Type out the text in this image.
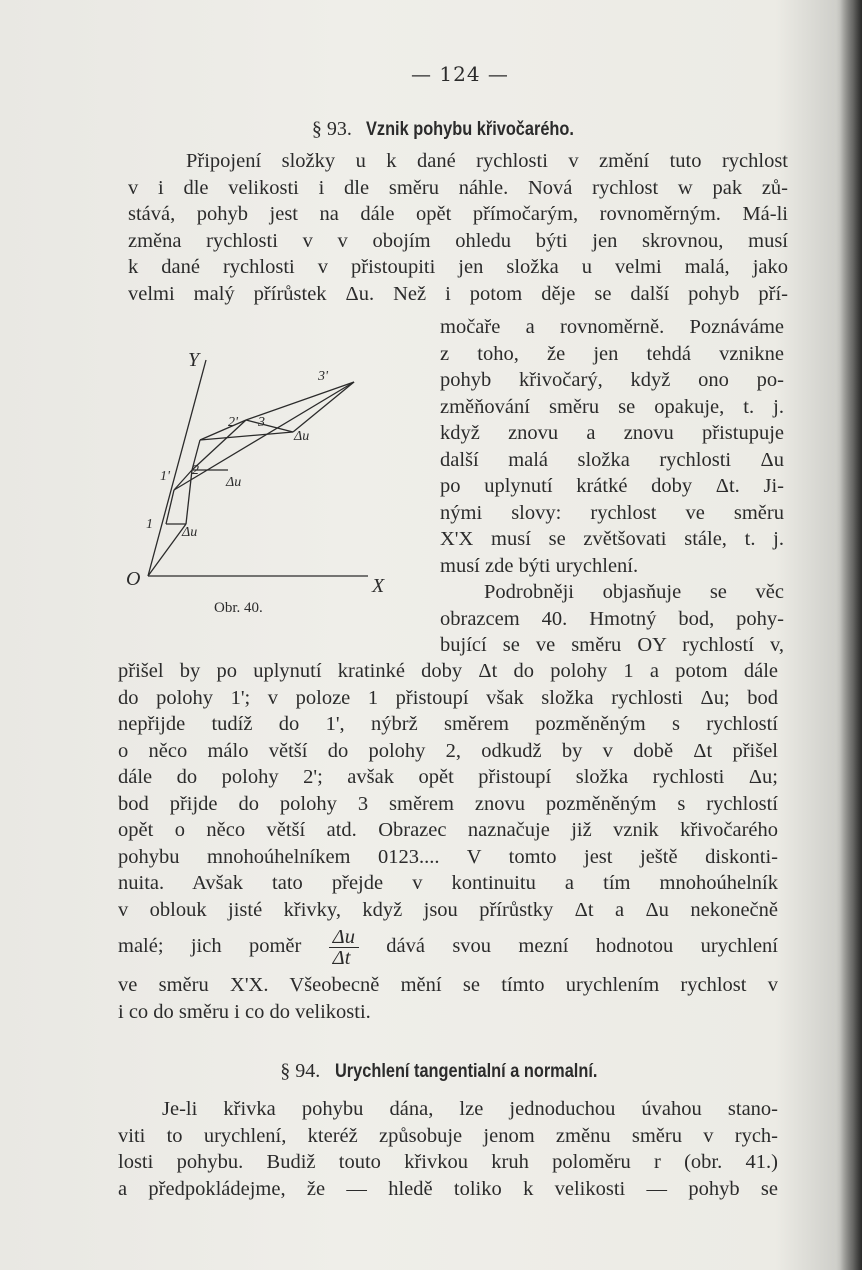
— 124 —
§ 93. Vznik pohybu křivočarého.

Připojení složky u k dané rychlosti v změní tuto rychlost

v i dle velikosti i dle směru náhle. Nová rychlost w pak zů-

stává, pohyb jest na dále opět přímočarým, rovnoměrným. Má-li

změna rychlosti v v obojím ohledu býti jen skrovnou, musí

k dané rychlosti v přistoupiti jen složka u velmi malá, jako

velmi malý přírůstek Δu. Než i potom děje se další pohyb pří-

močaře a rovnoměrně. Poznáváme

z toho, že jen tehdá vznikne

pohyb křivočarý, když ono po-

změňování směru se opakuje, t. j.

když znovu a znovu přistupuje

další malá složka rychlosti Δu

po uplynutí krátké doby Δt. Ji-

nými slovy: rychlost ve směru

X'X musí se zvětšovati stále, t. j.

musí zde býti urychlení.

Podrobněji objasňuje se věc

obrazcem 40. Hmotný bod, pohy-

bující se ve směru OY rychlostí v,

Y
O	X
1
1' 2
2' 3
3'
Δu
Δu
Δu
Obr. 40.

přišel by po uplynutí kratinké doby Δt do polohy 1 a potom dále

do polohy 1'; v poloze 1 přistoupí však složka rychlosti Δu; bod

nepřijde tudíž do 1', nýbrž směrem pozměněným s rychlostí

o něco málo větší do polohy 2, odkudž by v době Δt přišel

dále do polohy 2'; avšak opět přistoupí složka rychlosti Δu;

bod přijde do polohy 3 směrem znovu pozměněným s rychlostí

opět o něco větší atd. Obrazec naznačuje již vznik křivočarého

pohybu mnohoúhelníkem 0123.... V tomto jest ještě diskonti-

nuita. Avšak tato přejde v kontinuitu a tím mnohoúhelník

v oblouk jisté křivky, když jsou přírůstky Δt a Δu nekonečně

malé; jich poměr $\frac{\Delta u}{\Delta t}$ dává svou mezní hodnotou urychlení

ve směru X'X. Všeobecně mění se tímto urychlením rychlost v

i co do směru i co do velikosti.

§ 94. Urychlení tangentialní a normalní.

Je-li křivka pohybu dána, lze jednoduchou úvahou stano-

viti to urychlení, kteréž způsobuje jenom změnu směru v rych-

losti pohybu. Budiž touto křivkou kruh poloměru r (obr. 41.)

a předpokládejme, že — hledě toliko k velikosti — pohyb se
